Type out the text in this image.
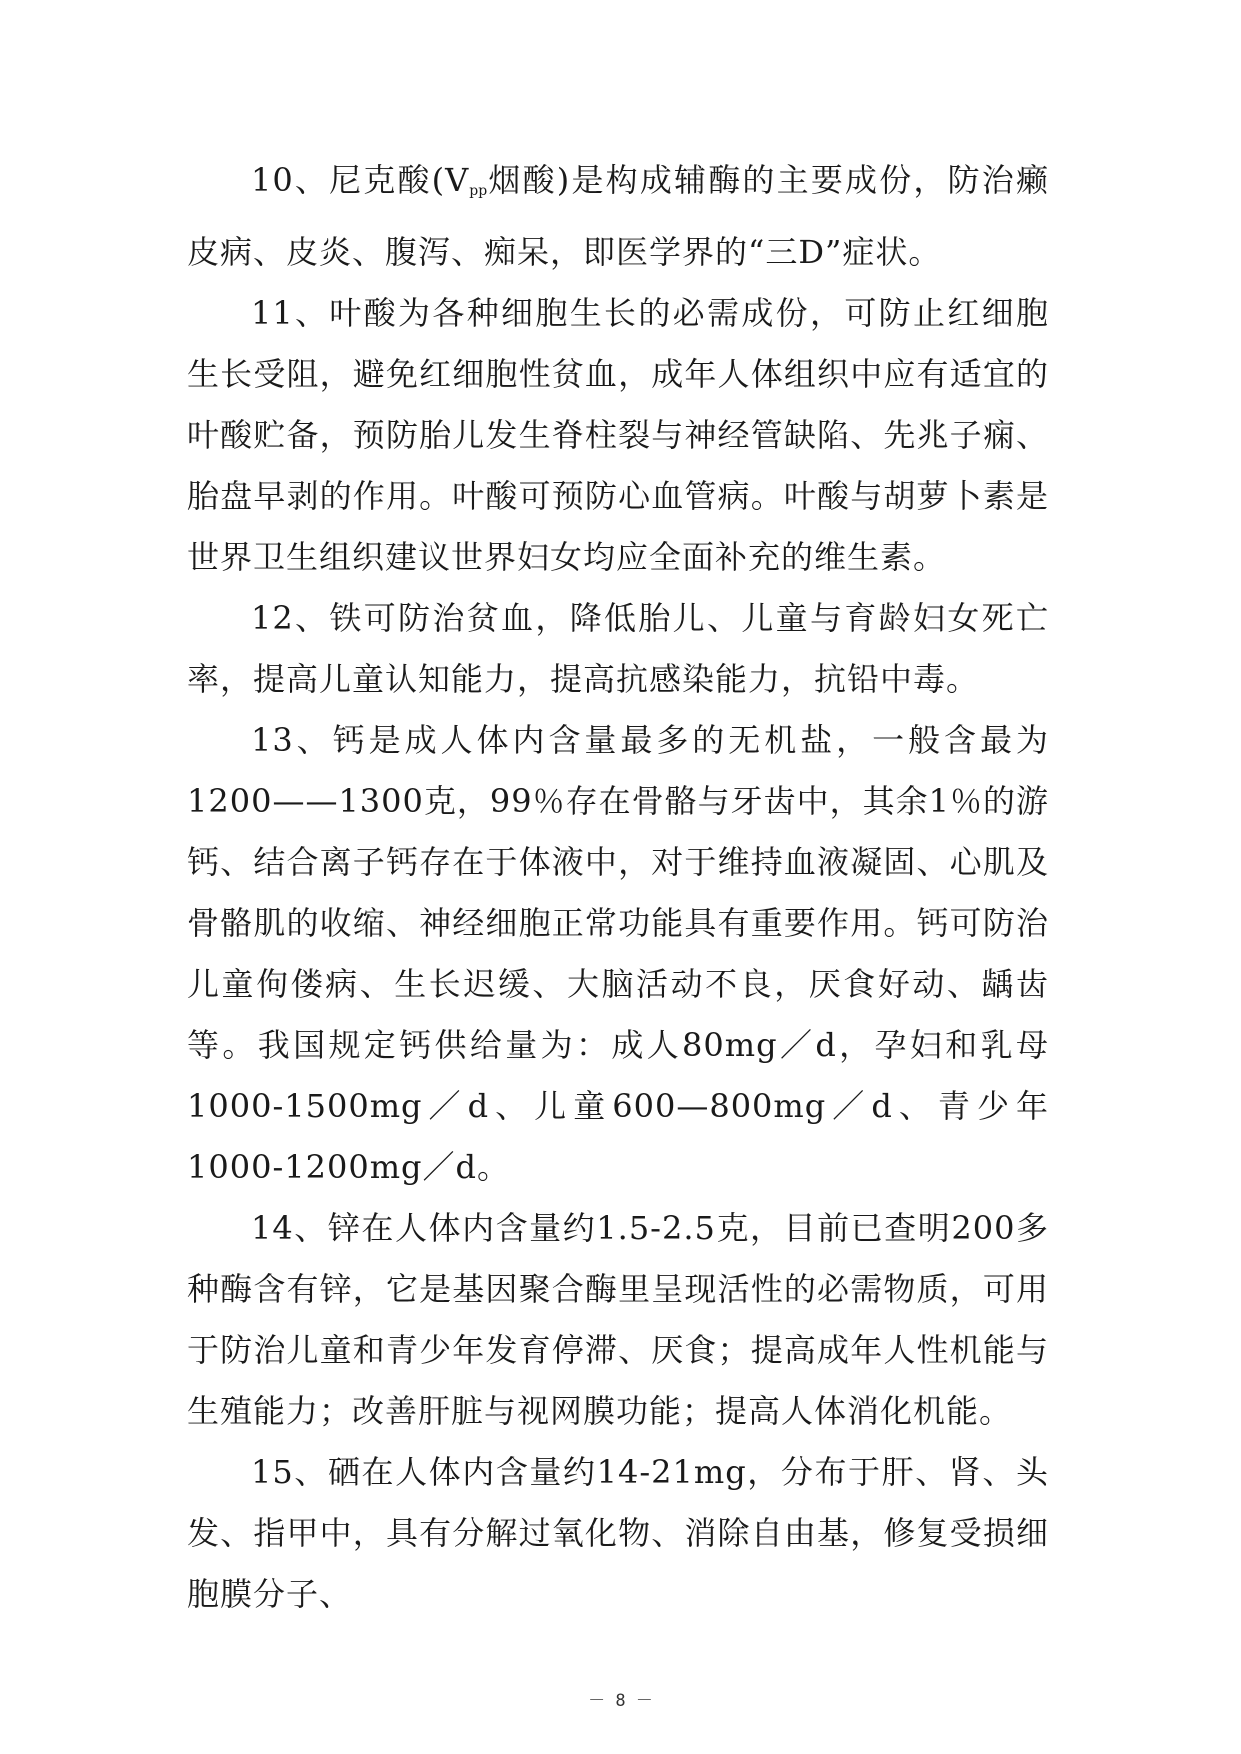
10、尼克酸($V_{pp}$烟酸)是构成辅酶的主要成份，防治癞皮病、皮炎、腹泻、痴呆，即医学界的“三D”症状。

11、叶酸为各种细胞生长的必需成份，可防止红细胞生长受阻，避免红细胞性贫血，成年人体组织中应有适宜的叶酸贮备，预防胎儿发生脊柱裂与神经管缺陷、先兆子痫、胎盘早剥的作用。叶酸可预防心血管病。叶酸与胡萝卜素是世界卫生组织建议世界妇女均应全面补充的维生素。

12、铁可防治贫血，降低胎儿、儿童与育龄妇女死亡率，提高儿童认知能力，提高抗感染能力，抗铅中毒。

13、钙是成人体内含量最多的无机盐，一般含最为1200——1300克，99％存在骨骼与牙齿中，其余1％的游钙、结合离子钙存在于体液中，对于维持血液凝固、心肌及骨骼肌的收缩、神经细胞正常功能具有重要作用。钙可防治儿童佝偻病、生长迟缓、大脑活动不良，厌食好动、龋齿等。我国规定钙供给量为：成人80mg／d，孕妇和乳母1000-1500mg／d、儿童600—800mg／d、青少年1000-1200mg／d。

14、锌在人体内含量约1.5-2.5克，目前已查明200多种酶含有锌，它是基因聚合酶里呈现活性的必需物质，可用于防治儿童和青少年发育停滞、厌食；提高成年人性机能与生殖能力；改善肝脏与视网膜功能；提高人体消化机能。

15、硒在人体内含量约14-21mg，分布于肝、肾、头发、指甲中，具有分解过氧化物、消除自由基，修复受损细胞膜分子、

－ 8 －
